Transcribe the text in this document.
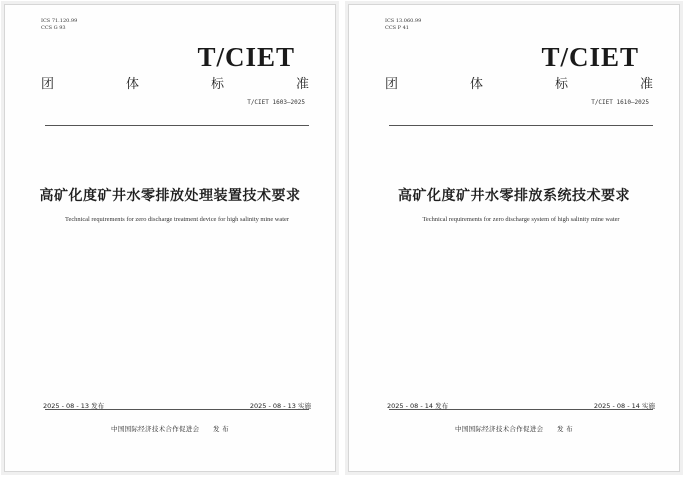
ICS 71.120.99
CCS G 93
T/CIET
团	体	标	准
T/CIET 1603—2025
高矿化度矿井水零排放处理装置技术要求
Technical requirements for zero discharge treatment device for high salinity mine water
2025 - 08 - 13 发布	2025 - 08 - 13 实施
中国国际经济技术合作促进会　　发 布
ICS 13.060.99
CCS P 41
T/CIET
团	体	标	准
T/CIET 1610—2025
高矿化度矿井水零排放系统技术要求
Technical requirements for zero discharge system of high salinity mine water
2025 - 08 - 14 发布	2025 - 08 - 14 实施
中国国际经济技术合作促进会　　发 布
